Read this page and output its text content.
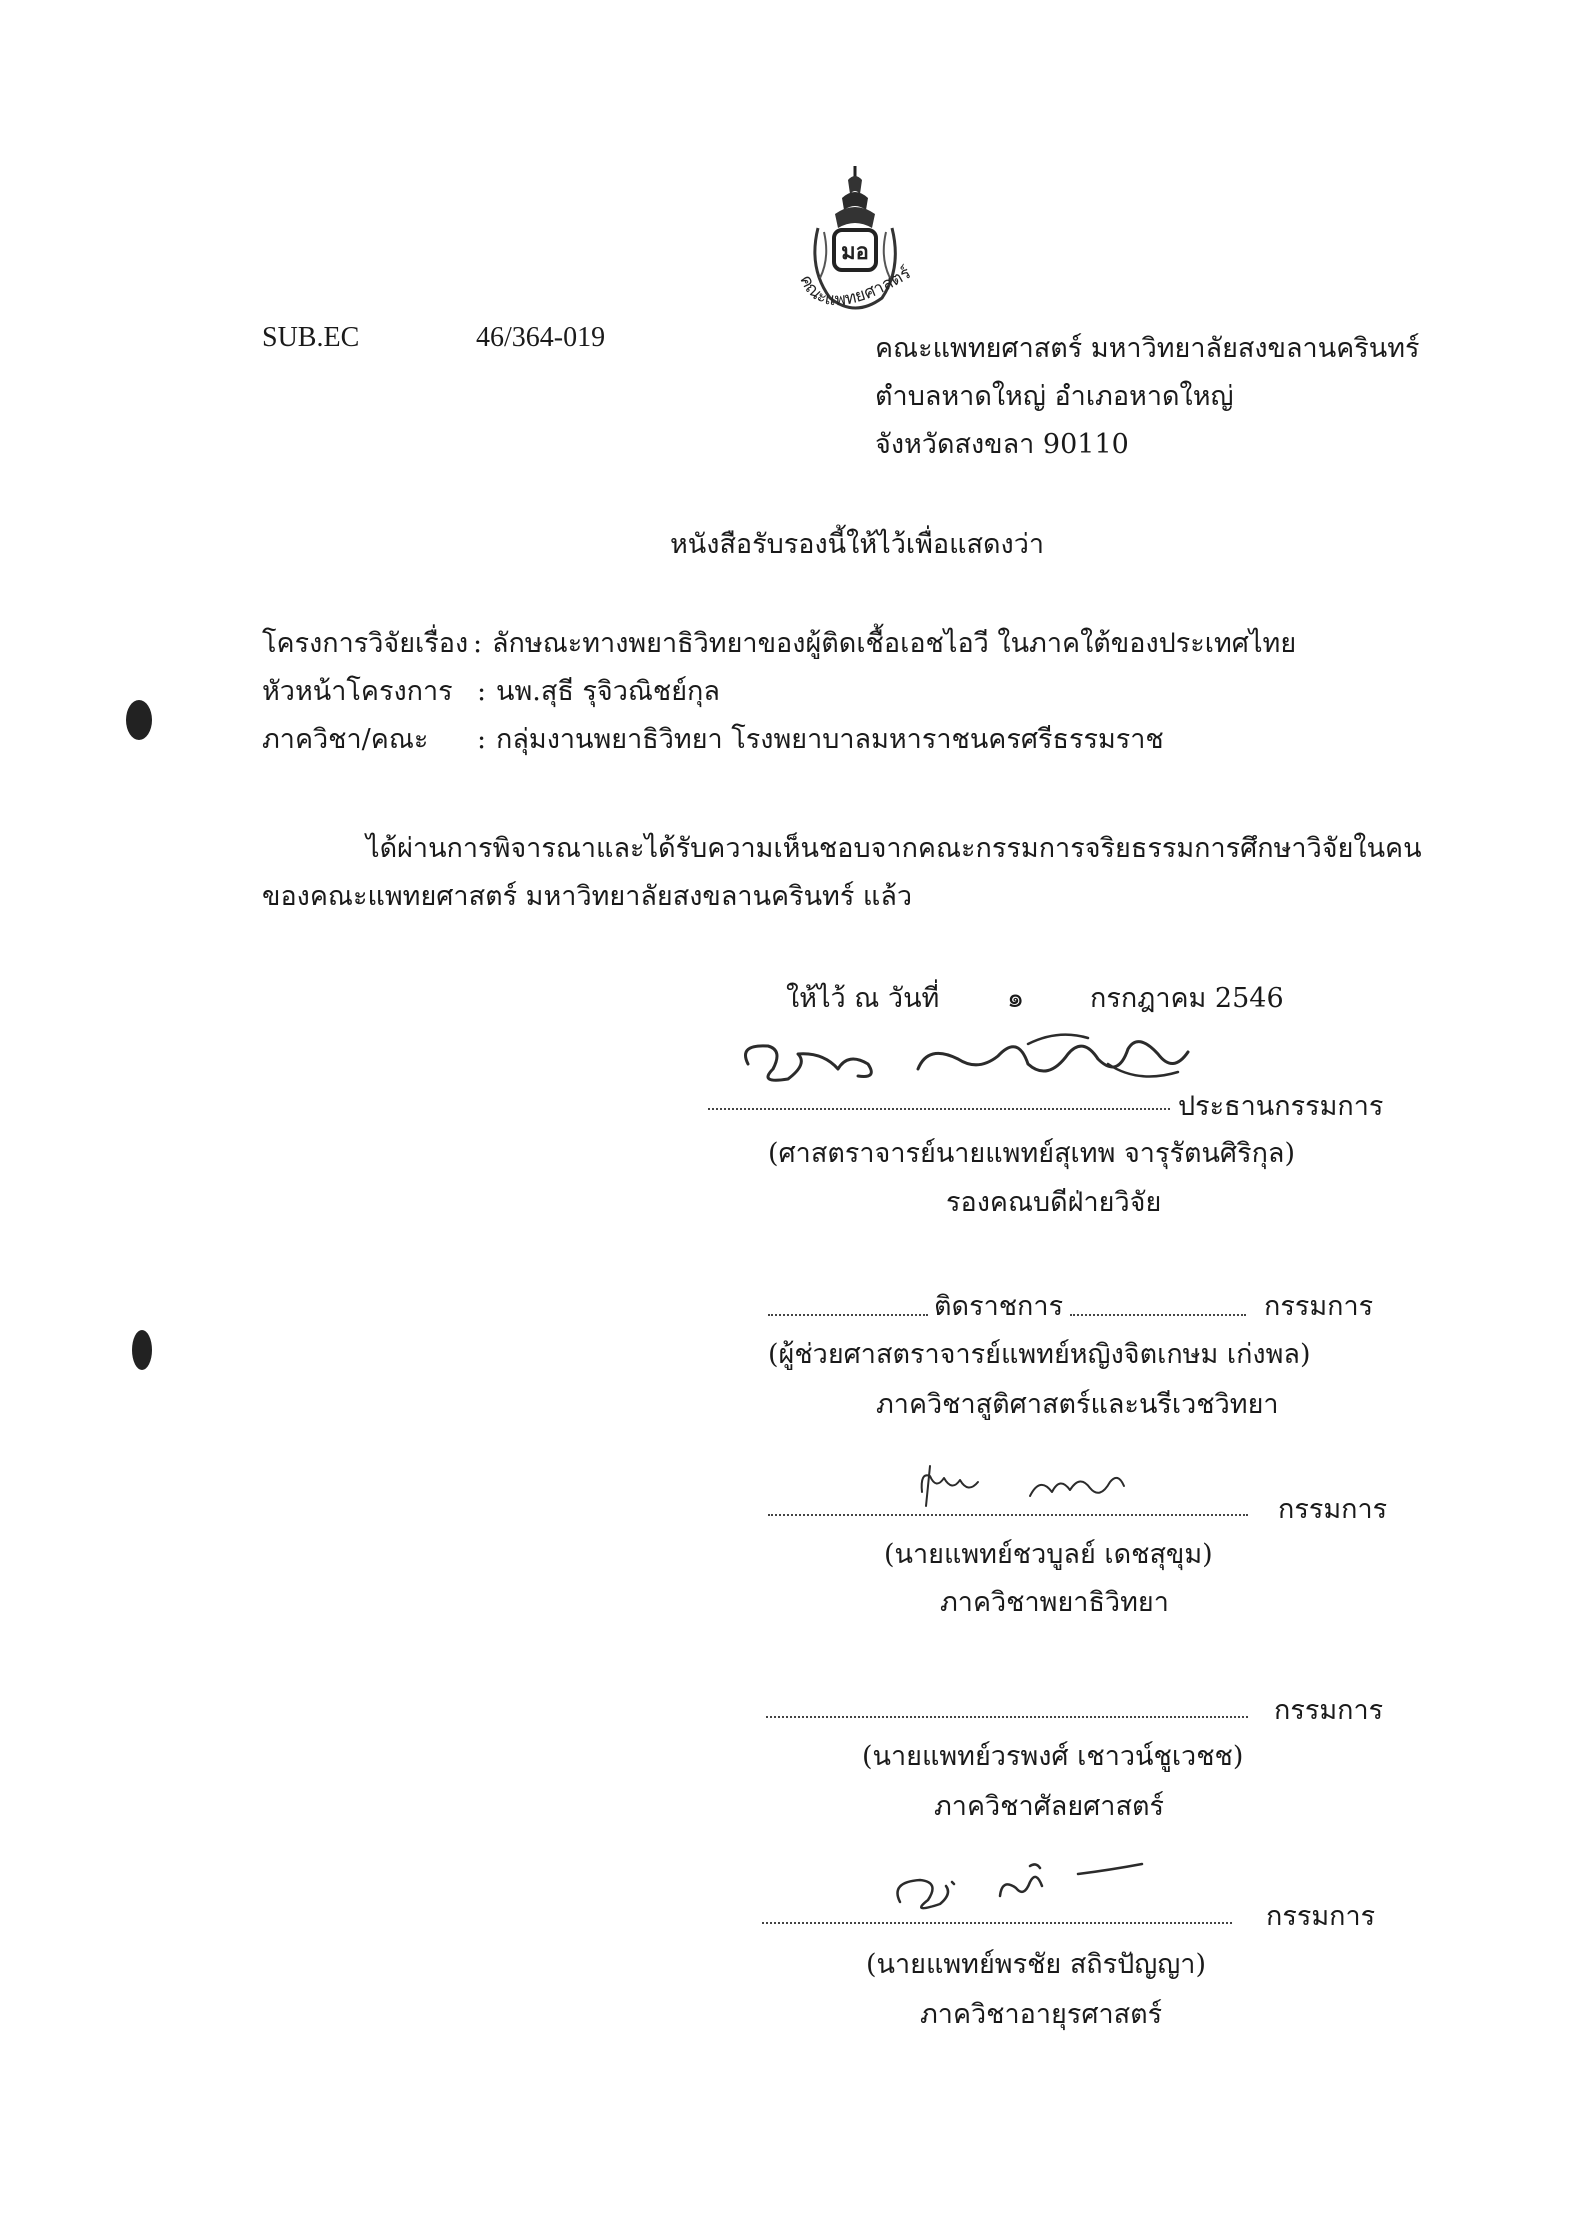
มอ
คณะแพทยศาสตร์
SUB.EC	46/364-019	คณะแพทยศาสตร์ มหาวิทยาลัยสงขลานครินทร์
ตำบลหาดใหญ่ อำเภอหาดใหญ่
จังหวัดสงขลา 90110
หนังสือรับรองนี้ให้ไว้เพื่อแสดงว่า
โครงการวิจัยเรื่อง : ลักษณะทางพยาธิวิทยาของผู้ติดเชื้อเอชไอวี ในภาคใต้ของประเทศไทย
หัวหน้าโครงการ : นพ.สุธี รุจิวณิชย์กุล
ภาควิชา/คณะ : กลุ่มงานพยาธิวิทยา โรงพยาบาลมหาราชนครศรีธรรมราช
ได้ผ่านการพิจารณาและได้รับความเห็นชอบจากคณะกรรมการจริยธรรมการศึกษาวิจัยในคน
ของคณะแพทยศาสตร์ มหาวิทยาลัยสงขลานครินทร์ แล้ว
ให้ไว้ ณ วันที่	๑ กรกฎาคม 2546
ประธานกรรมการ
(ศาสตราจารย์นายแพทย์สุเทพ จารุรัตนศิริกุล)
รองคณบดีฝ่ายวิจัย
ติดราชการ	กรรมการ
(ผู้ช่วยศาสตราจารย์แพทย์หญิงจิตเกษม เก่งพล)
ภาควิชาสูติศาสตร์และนรีเวชวิทยา
กรรมการ
(นายแพทย์ชวบูลย์ เดชสุขุม)
ภาควิชาพยาธิวิทยา
กรรมการ
(นายแพทย์วรพงศ์ เชาวน์ชูเวชช)
ภาควิชาศัลยศาสตร์
กรรมการ
(นายแพทย์พรชัย สถิรปัญญา)
ภาควิชาอายุรศาสตร์
